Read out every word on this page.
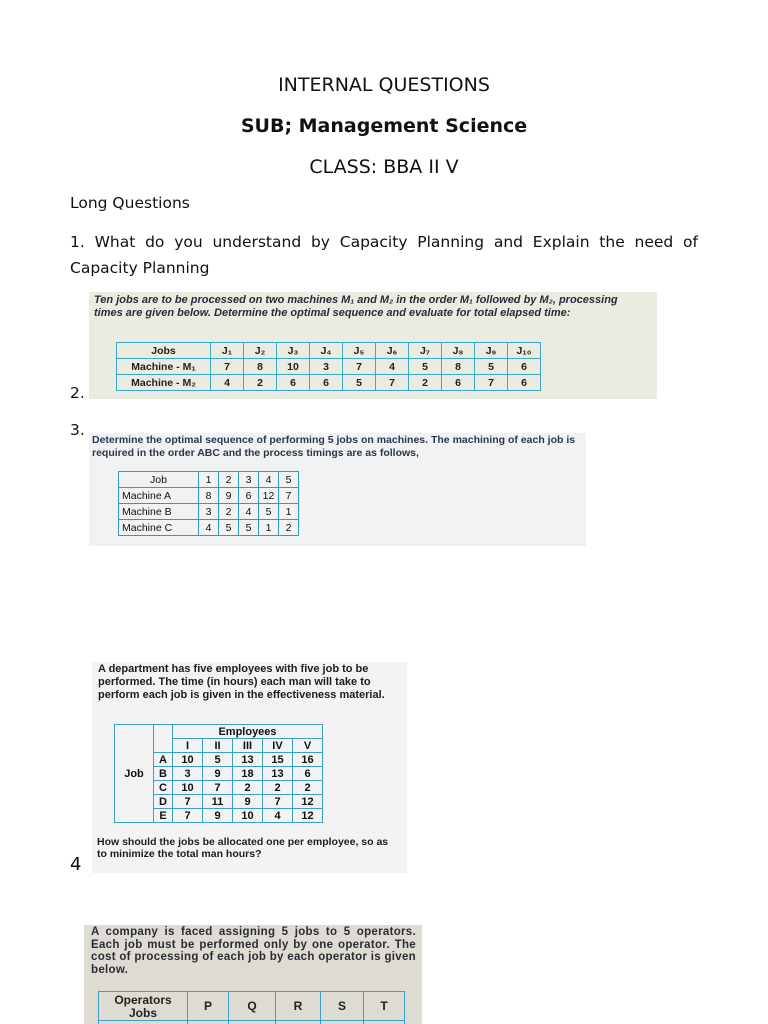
INTERNAL QUESTIONS
SUB; Management Science
CLASS: BBA II V
Long Questions
1. What do you understand by Capacity Planning and Explain the need of Capacity Planning
2.
Ten jobs are to be processed on two machines M₁ and M₂ in the order M₁ followed by M₂, processing times are given below. Determine the optimal sequence and evaluate for total elapsed time:
Jobs	J₁	J₂	J₃	J₄	J₅	J₆	J₇	J₈	J₉	J₁₀
Machine - M₁	7	8	10	3	7	4	5	8	5	6
Machine - M₂	4	2	6	6	5	7	2	6	7	6
3.
Determine the optimal sequence of performing 5 jobs on machines. The machining of each job is required in the order ABC and the process timings are as follows,
Job	1	2	3	4	5
Machine A	8	9	6	12	7
Machine B	3	2	4	5	1
Machine C	4	5	5	1	2
4
A department has five employees with five job to be performed. The time (in hours) each man will take to perform each job is given in the effectiveness material.
Job		Employees				
		I	II	III	IV	V
	A	10	5	13	15	16
	B	3	9	18	13	6
	C	10	7	2	2	2
	D	7	11	9	7	12
	E	7	9	10	4	12
How should the jobs be allocated one per employee, so as to minimize the total man hours?
A company is faced assigning 5 jobs to 5 operators. Each job must be performed only by one operator. The cost of processing of each job by each operator is given below.
Operators
Jobs	P	Q	R	S	T
